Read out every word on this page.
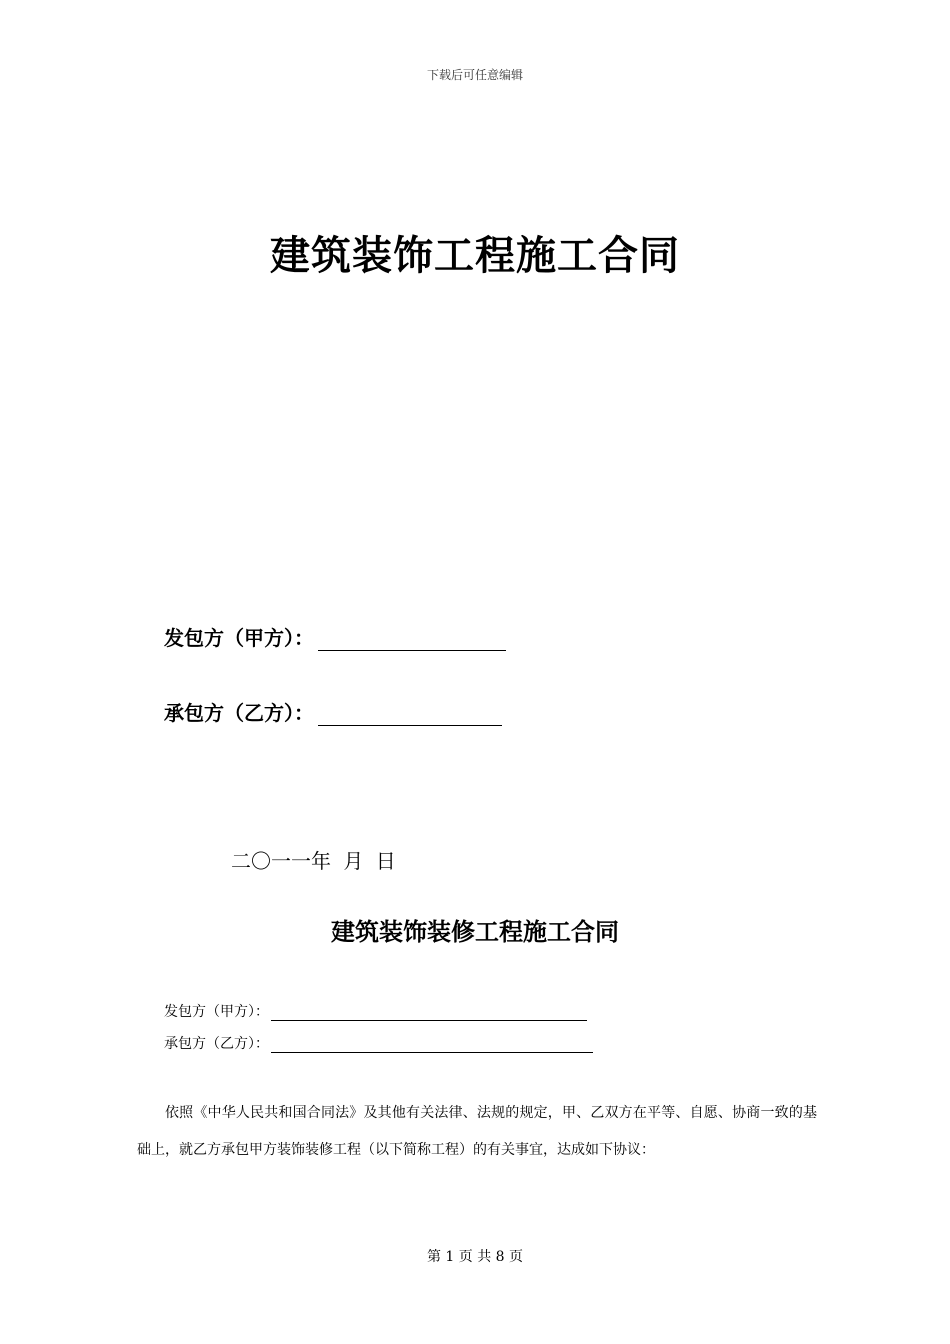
下载后可任意编辑
建筑装饰工程施工合同
发包方（甲方）：
承包方（乙方）：
二〇一一年 月 日
建筑装饰装修工程施工合同
发包方（甲方）：
承包方（乙方）：
依照《中华人民共和国合同法》及其他有关法律、法规的规定，甲、乙双方在平等、自愿、协商一致的基础上，就乙方承包甲方装饰装修工程（以下简称工程）的有关事宜，达成如下协议：
第 1 页 共 8 页
